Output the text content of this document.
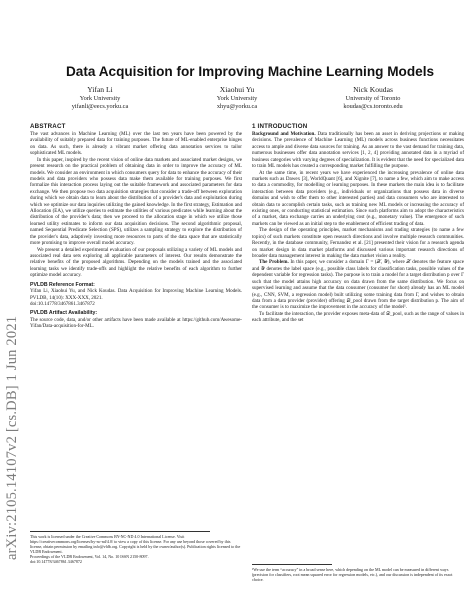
arXiv:2105.14107v2 [cs.DB] 1 Jun 2021
Data Acquisition for Improving Machine Learning Models
Yifan Li
York University
yifanli@eecs.yorku.ca
Xiaohui Yu
York University
xhyu@yorku.ca
Nick Koudas
University of Toronto
koudas@cs.toronto.edu
ABSTRACT

The vast advances in Machine Learning (ML) over the last ten years have been powered by the availability of suitably prepared data for training purposes. The future of ML-enabled enterprise hinges on data. As such, there is already a vibrant market offering data annotation services to tailor sophisticated ML models.

In this paper, inspired by the recent vision of online data markets and associated market designs, we present research on the practical problem of obtaining data in order to improve the accuracy of ML models. We consider an environment in which consumers query for data to enhance the accuracy of their models and data providers who possess data make them available for training purposes. We first formalize this interaction process laying out the suitable framework and associated parameters for data exchange. We then propose two data acquisition strategies that consider a trade-off between exploration during which we obtain data to learn about the distribution of a provider's data and exploitation during which we optimize our data inquiries utilizing the gained knowledge. In the first strategy, Estimation and Allocation (EA), we utilize queries to estimate the utilities of various predicates while learning about the distribution of the provider's data; then we proceed to the allocation stage in which we utilize those learned utility estimates to inform our data acquisition decisions. The second algorithmic proposal, named Sequential Predicate Selection (SPS), utilizes a sampling strategy to explore the distribution of the provider's data, adaptively investing more resources to parts of the data space that are statistically more promising to improve overall model accuracy.

We present a detailed experimental evaluation of our proposals utilizing a variety of ML models and associated real data sets exploring all applicable parameters of interest. Our results demonstrate the relative benefits of the proposed algorithms. Depending on the models trained and the associated learning tasks we identify trade-offs and highlight the relative benefits of each algorithm to further optimize model accuracy.

PVLDB Reference Format:

Yifan Li, Xiaohui Yu, and Nick Koudas. Data Acquisition for Improving Machine Learning Models. PVLDB, 14(10): XXX-XXX, 2021.

doi:10.14778/3467861.3467872

PVLDB Artifact Availability:

The source code, data, and/or other artifacts have been made available at https://github.com/Awesome-Yifan/Data-acquisition-for-ML.

This work is licensed under the Creative Commons BY-NC-ND 4.0 International License. Visit https://creativecommons.org/licenses/by-nc-nd/4.0/ to view a copy of this license. For any use beyond those covered by this license, obtain permission by emailing info@vldb.org. Copyright is held by the owner/author(s). Publication rights licensed to the VLDB Endowment.

Proceedings of the VLDB Endowment, Vol. 14, No. 10 ISSN 2150-8097.

doi:10.14778/3467861.3467872

1 INTRODUCTION

Background and Motivation. Data traditionally has been an asset in deriving projections or making decisions. The prevalence of Machine Learning (ML) models across business functions necessitates access to ample and diverse data sources for training. As an answer to the vast demand for training data, numerous businesses offer data annotation services [1, 2, 4] providing annotated data in a myriad of business categories with varying degrees of specialization. It is evident that the need for specialized data to train ML models has created a corresponding market fulfilling the purpose.

At the same time, in recent years we have experienced the increasing prevalence of online data markets such as Dawex [3], WorldQuant [6], and Xignite [7], to name a few, which aim to make access to data a commodity, for modelling or learning purposes. In these markets the main idea is to facilitate interaction between data providers (e.g., individuals or organizations that possess data in diverse domains and wish to offer them to other interested parties) and data consumers who are interested to obtain data to accomplish certain tasks, such as training new ML models or increasing the accuracy of existing ones, or conducting statistical estimation. Since such platforms aim to adopt the characteristics of a market, data exchange carries an underlying cost (e.g., monetary value). The emergence of such markets can be viewed as an initial step to the enablement of efficient trading of data.

The design of the operating principles, market mechanisms and trading strategies (to name a few topics) of such markets constitute open research directions and involve multiple research communities. Recently, in the database community, Fernandez et al. [21] presented their vision for a research agenda on market design in data market platforms and discussed various important research directions of broader data management interest in making the data market vision a reality.

The Problem. In this paper, we consider a domain Γ = (𝒳, 𝒴), where 𝒳 denotes the feature space and 𝒴 denotes the label space (e.g., possible class labels for classification tasks, possible values of the dependent variable for regression tasks). The purpose is to train a model for a target distribution p over Γ such that the model attains high accuracy on data drawn from the same distribution. We focus on supervised learning and assume that the data consumer (consumer for short) already has an ML model (e.g., CNN, SVM, a regression model) built utilizing some training data from Γ, and wishes to obtain data from a data provider (provider) offering 𝒟_pool drawn from the target distribution p. The aim of the consumer is to maximize the improvement in the accuracy of the model¹.

To facilitate the interaction, the provider exposes meta-data of 𝒟_pool, such as the range of values in each attribute, and the set

¹We use the term “accuracy” in a broad sense here, which depending on the ML model can be measured in different ways (precision for classifiers, root mean squared error for regression models, etc.), and our discussion is independent of its exact choice.
